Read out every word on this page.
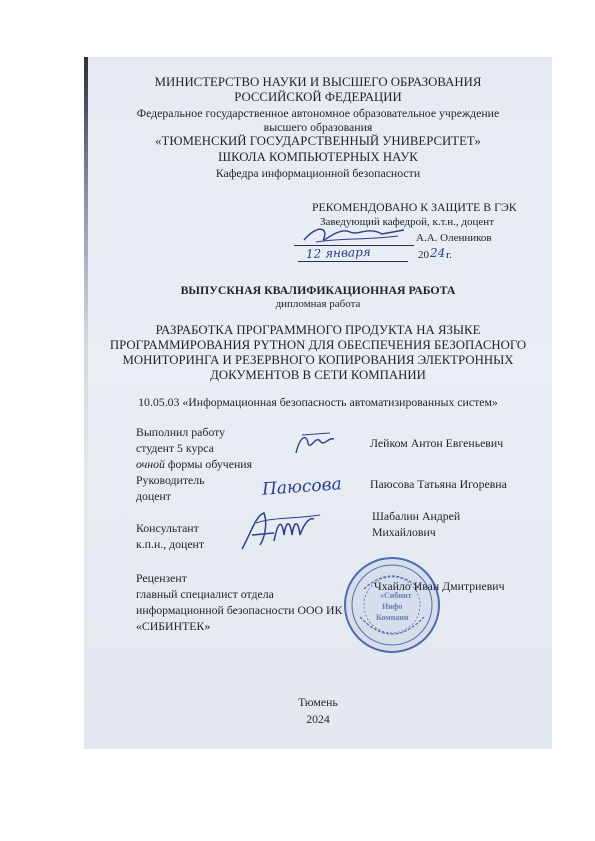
МИНИСТЕРСТВО НАУКИ И ВЫСШЕГО ОБРАЗОВАНИЯ
РОССИЙСКОЙ ФЕДЕРАЦИИ
Федеральное государственное автономное образовательное учреждение
высшего образования
«ТЮМЕНСКИЙ ГОСУДАРСТВЕННЫЙ УНИВЕРСИТЕТ»
ШКОЛА КОМПЬЮТЕРНЫХ НАУК
Кафедра информационной безопасности
РЕКОМЕНДОВАНО К ЗАЩИТЕ В ГЭК
Заведующий кафедрой, к.т.н., доцент
А.А. Оленников
12 января	20 24 г.
ВЫПУСКНАЯ КВАЛИФИКАЦИОННАЯ РАБОТА
дипломная работа
РАЗРАБОТКА ПРОГРАММНОГО ПРОДУКТА НА ЯЗЫКЕ
ПРОГРАММИРОВАНИЯ PYTHON ДЛЯ ОБЕСПЕЧЕНИЯ БЕЗОПАСНОГО
МОНИТОРИНГА И РЕЗЕРВНОГО КОПИРОВАНИЯ ЭЛЕКТРОННЫХ
ДОКУМЕНТОВ В СЕТИ КОМПАНИИ
10.05.03 «Информационная безопасность автоматизированных систем»
Выполнил работу
студент 5 курса
очной формы обучения
Лейком Антон Евгеньевич
Руководитель
доцент	Паюсова Паюсова Татьяна Игоревна
Шабалин Андрей
Михайлович
Консультант
к.п.н., доцент
Рецензент
главный специалист отдела
информационной безопасности ООО ИК
«СИБИНТЕК»
«Сибинт
Инфо
Компани
Чхайло Иван Дмитриевич
Тюмень
2024
